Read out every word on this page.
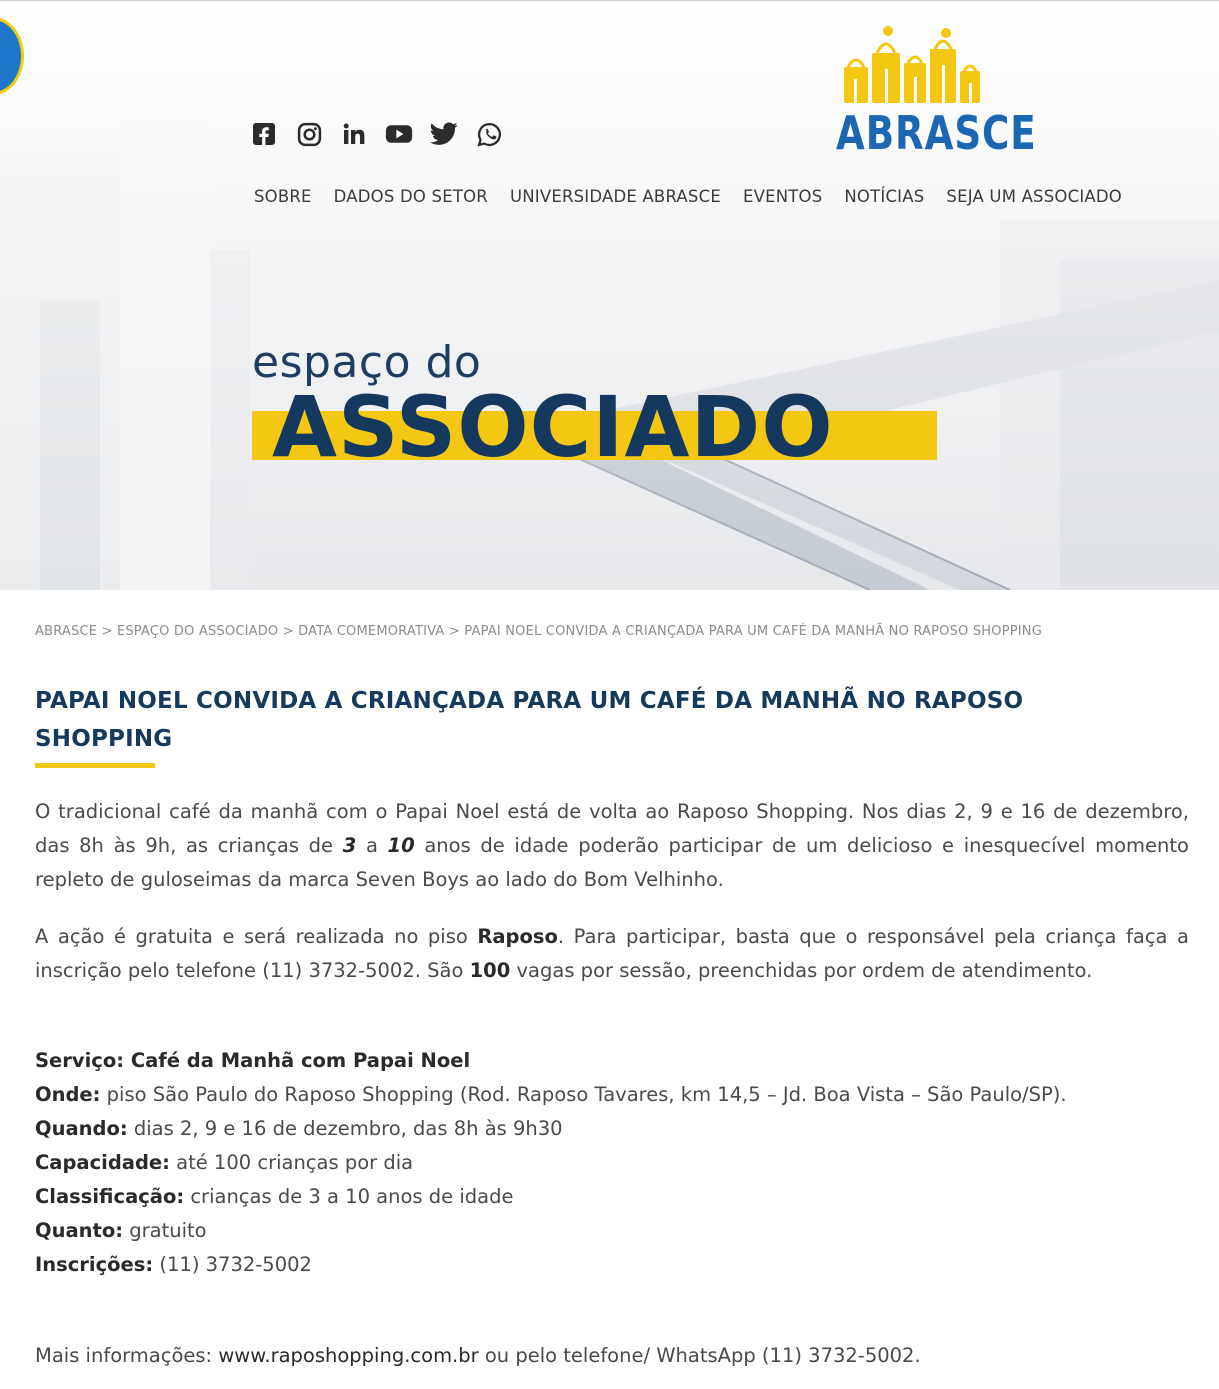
ABRASCE
SOBRE DADOS DO SETOR UNIVERSIDADE ABRASCE EVENTOS NOTÍCIAS SEJA UM ASSOCIADO
espaço do
ASSOCIADO
ABRASCE > ESPAÇO DO ASSOCIADO > DATA COMEMORATIVA > PAPAI NOEL CONVIDA A CRIANÇADA PARA UM CAFÉ DA MANHÃ NO RAPOSO SHOPPING
PAPAI NOEL CONVIDA A CRIANÇADA PARA UM CAFÉ DA MANHÃ NO RAPOSO SHOPPING

O tradicional café da manhã com o Papai Noel está de volta ao Raposo Shopping. Nos dias 2, 9 e 16 de dezembro, das 8h às 9h, as crianças de 3 a 10 anos de idade poderão participar de um delicioso e inesquecível momento repleto de guloseimas da marca Seven Boys ao lado do Bom Velhinho.

A ação é gratuita e será realizada no piso Raposo. Para participar, basta que o responsável pela criança faça a inscrição pelo telefone (11) 3732-5002. São 100 vagas por sessão, preenchidas por ordem de atendimento.

Serviço: Café da Manhã com Papai Noel
Onde: piso São Paulo do Raposo Shopping (Rod. Raposo Tavares, km 14,5 – Jd. Boa Vista – São Paulo/SP).
Quando: dias 2, 9 e 16 de dezembro, das 8h às 9h30
Capacidade: até 100 crianças por dia
Classificação: crianças de 3 a 10 anos de idade
Quanto: gratuito
Inscrições: (11) 3732-5002

Mais informações: www.raposhopping.com.br ou pelo telefone/ WhatsApp (11) 3732-5002.
